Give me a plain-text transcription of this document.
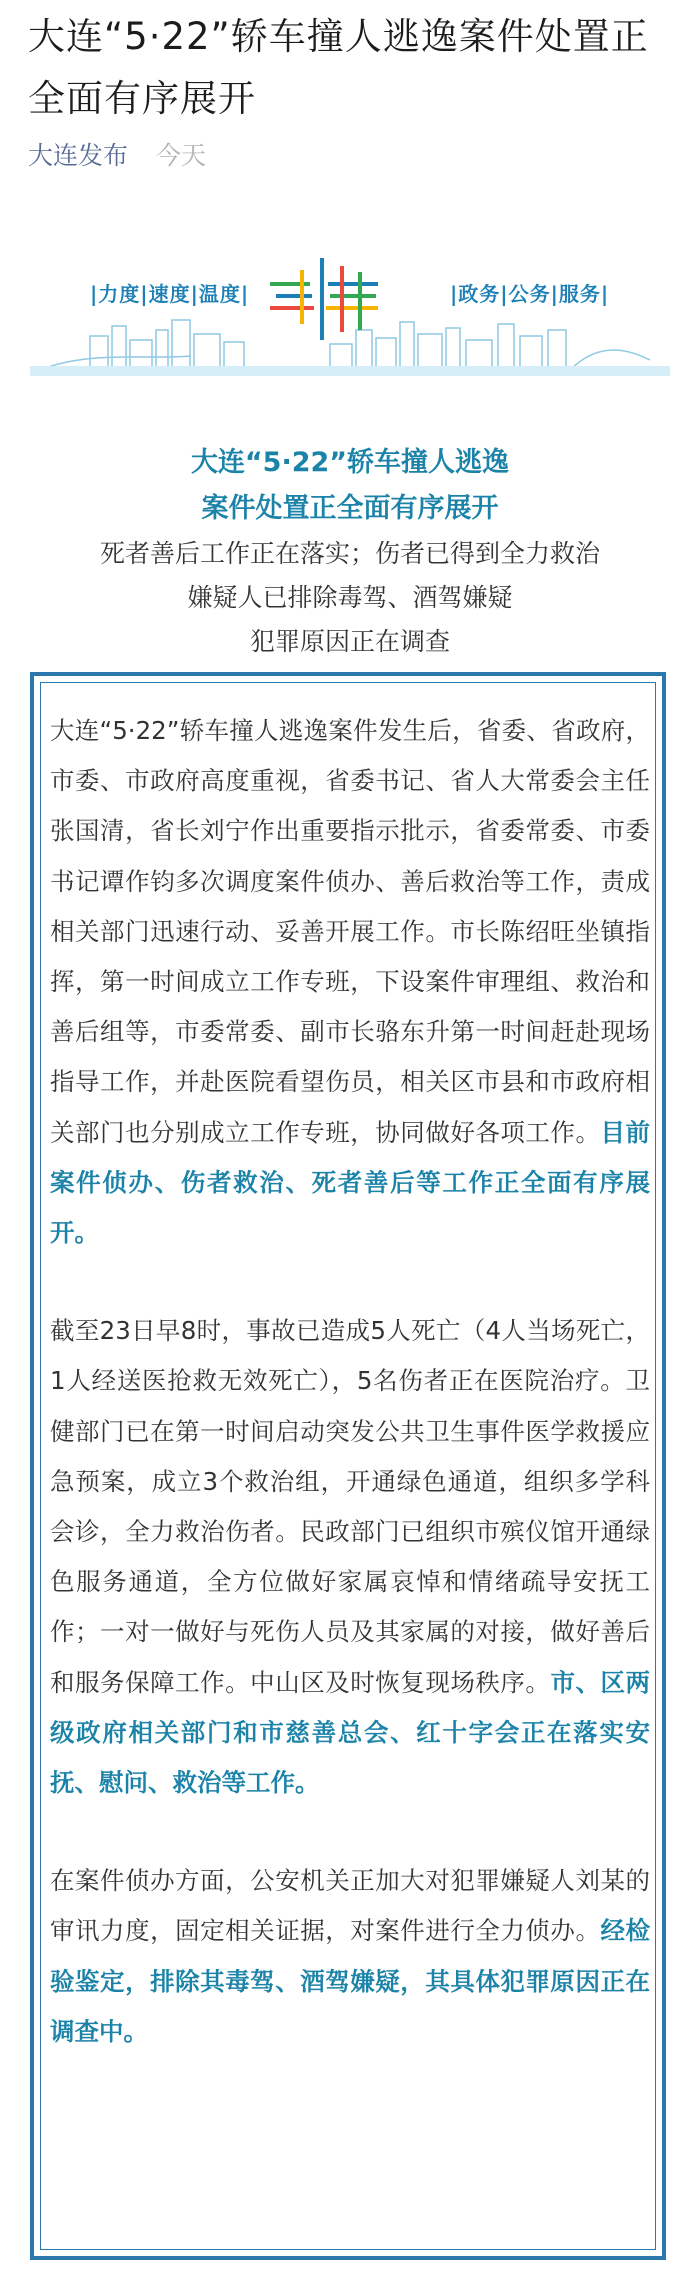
大连“5·22”轿车撞人逃逸案件处置正全面有序展开
大连发布 今天
|力度|速度|温度|	|政务|公务|服务|
大连“5·22”轿车撞人逃逸
案件处置正全面有序展开
死者善后工作正在落实；伤者已得到全力救治
嫌疑人已排除毒驾、酒驾嫌疑
犯罪原因正在调查

大连“5·22”轿车撞人逃逸案件发生后，省委、省政府，市委、市政府高度重视，省委书记、省人大常委会主任张国清，省长刘宁作出重要指示批示，省委常委、市委书记谭作钧多次调度案件侦办、善后救治等工作，责成相关部门迅速行动、妥善开展工作。市长陈绍旺坐镇指挥，第一时间成立工作专班，下设案件审理组、救治和善后组等，市委常委、副市长骆东升第一时间赶赴现场指导工作，并赴医院看望伤员，相关区市县和市政府相关部门也分别成立工作专班，协同做好各项工作。目前案件侦办、伤者救治、死者善后等工作正全面有序展开。

截至23日早8时，事故已造成5人死亡（4人当场死亡，1人经送医抢救无效死亡），5名伤者正在医院治疗。卫健部门已在第一时间启动突发公共卫生事件医学救援应急预案，成立3个救治组，开通绿色通道，组织多学科会诊，全力救治伤者。民政部门已组织市殡仪馆开通绿色服务通道，全方位做好家属哀悼和情绪疏导安抚工作；一对一做好与死伤人员及其家属的对接，做好善后和服务保障工作。中山区及时恢复现场秩序。市、区两级政府相关部门和市慈善总会、红十字会正在落实安抚、慰问、救治等工作。

在案件侦办方面，公安机关正加大对犯罪嫌疑人刘某的审讯力度，固定相关证据，对案件进行全力侦办。经检验鉴定，排除其毒驾、酒驾嫌疑，其具体犯罪原因正在调查中。
